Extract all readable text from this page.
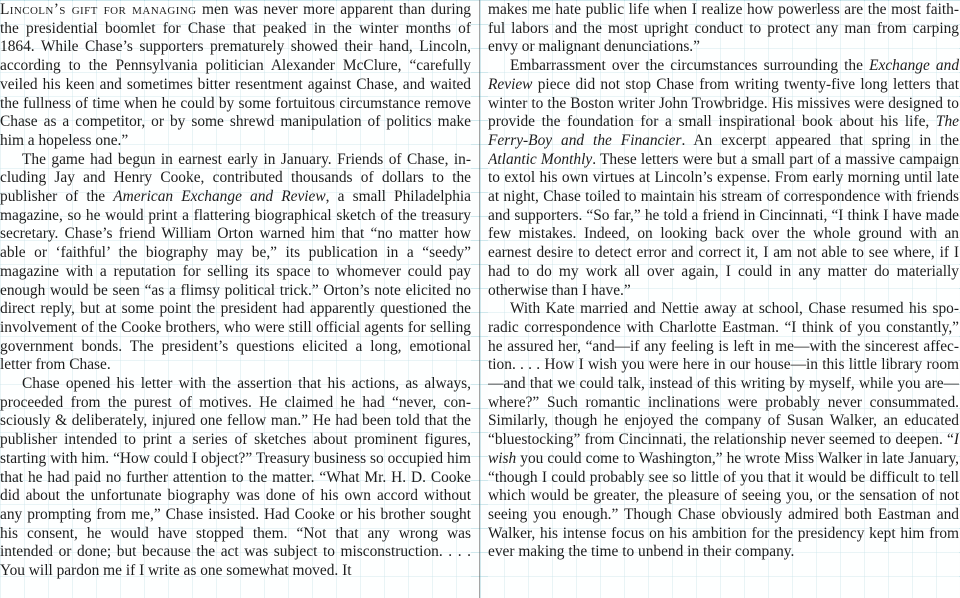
Lincoln’s gift for managing men was never more apparent than during the presidential boomlet for Chase that peaked in the winter months of 1864. While Chase’s supporters prematurely showed their hand, Lincoln, according to the Pennsylvania politician Alexander McClure, “carefully veiled his keen and sometimes bitter resentment against Chase, and waited the fullness of time when he could by some fortuitous circumstance remove Chase as a competitor, or by some shrewd manipulation of politics make him a hopeless one.”

The game had begun in earnest early in January. Friends of Chase, including Jay and Henry Cooke, contributed thousands of dollars to the publisher of the American Exchange and Review, a small Philadelphia magazine, so he would print a flattering biographical sketch of the treasury secretary. Chase’s friend William Orton warned him that “no matter how able or ‘faithful’ the biography may be,” its publication in a “seedy” magazine with a reputation for selling its space to whomever could pay enough would be seen “as a flimsy political trick.” Orton’s note elicited no direct reply, but at some point the president had apparently questioned the involvement of the Cooke brothers, who were still official agents for selling government bonds. The president’s questions elicited a long, emotional letter from Chase.

Chase opened his letter with the assertion that his actions, as always, proceeded from the purest of motives. He claimed he had “never, consciously & deliberately, injured one fellow man.” He had been told that the publisher intended to print a series of sketches about prominent figures, starting with him. “How could I object?” Treasury business so occupied him that he had paid no further attention to the matter. “What Mr. H. D. Cooke did about the unfortunate biography was done of his own accord without any prompting from me,” Chase insisted. Had Cooke or his brother sought his consent, he would have stopped them. “Not that any wrong was intended or done; but because the act was subject to misconstruction. . . . You will pardon me if I write as one somewhat moved. It

makes me hate public life when I realize how powerless are the most faithful labors and the most upright conduct to protect any man from carping envy or malignant denunciations.”

Embarrassment over the circumstances surrounding the Exchange and Review piece did not stop Chase from writing twenty-five long letters that winter to the Boston writer John Trowbridge. His missives were designed to provide the foundation for a small inspirational book about his life, The Ferry-Boy and the Financier. An excerpt appeared that spring in the Atlantic Monthly. These letters were but a small part of a massive campaign to extol his own virtues at Lincoln’s expense. From early morning until late at night, Chase toiled to maintain his stream of correspondence with friends and supporters. “So far,” he told a friend in Cincinnati, “I think I have made few mistakes. Indeed, on looking back over the whole ground with an earnest desire to detect error and correct it, I am not able to see where, if I had to do my work all over again, I could in any matter do materially otherwise than I have.”

With Kate married and Nettie away at school, Chase resumed his sporadic correspondence with Charlotte Eastman. “I think of you constantly,” he assured her, “and—if any feeling is left in me—with the sincerest affection. . . . How I wish you were here in our house—in this little library room—and that we could talk, instead of this writing by myself, while you are—where?” Such romantic inclinations were probably never consummated. Similarly, though he enjoyed the company of Susan Walker, an educated “bluestocking” from Cincinnati, the relationship never seemed to deepen. “I wish you could come to Washington,” he wrote Miss Walker in late January, “though I could probably see so little of you that it would be difficult to tell which would be greater, the pleasure of seeing you, or the sensation of not seeing you enough.” Though Chase obviously admired both Eastman and Walker, his intense focus on his ambition for the presidency kept him from ever making the time to unbend in their company.
